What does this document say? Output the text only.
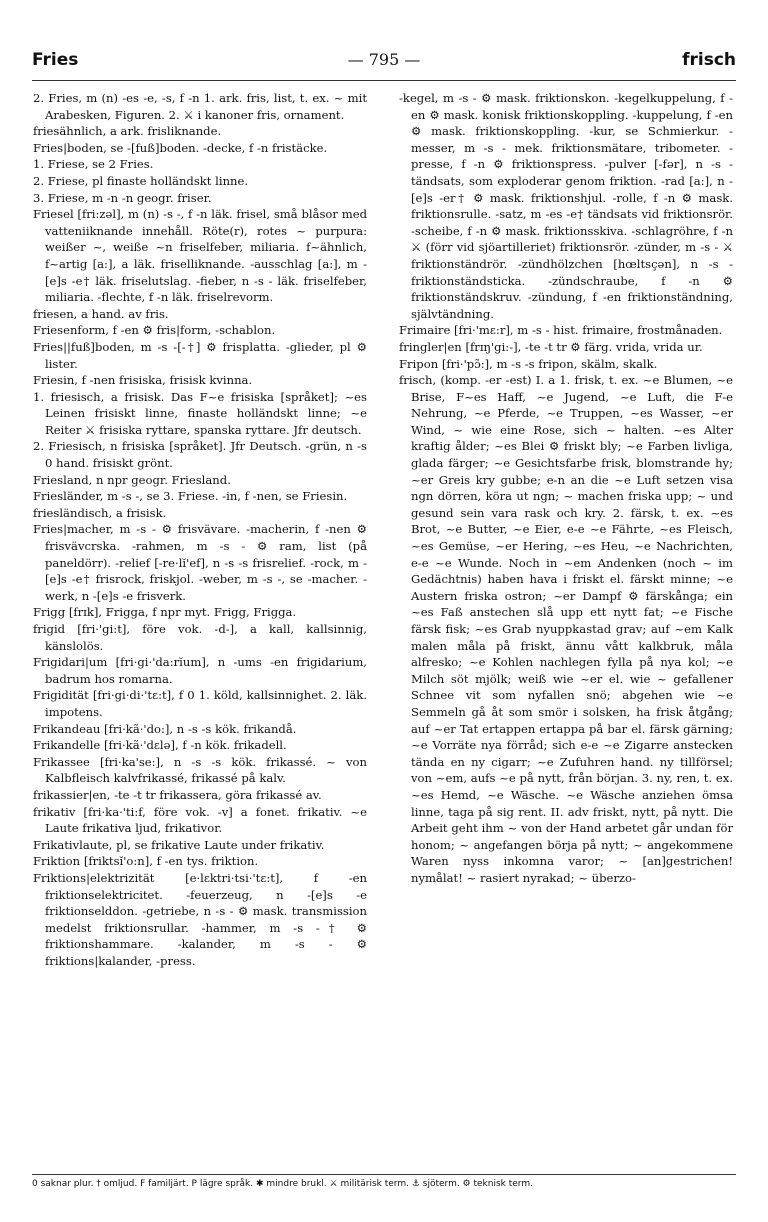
Fries	— 795 —	frisch

2. Fries, m (n) -es -e, -s, f -n 1. ark. fris, list, t. ex. ~ mit Arabesken, Figuren. 2. ⚔ i kanoner fris, ornament.

friesähnlich, a ark. frisliknande.

Fries|boden, se -[fuß]boden. -decke, f -n fristäcke.

1. Friese, se 2 Fries.

2. Friese, pl finaste holländskt linne.

3. Friese, m -n -n geogr. friser.

Friesel [fri:zəl], m (n) -s -, f -n läk. frisel, små blåsor med vatteniiknande innehåll. Röte(r), rotes ~ purpura: weißer ~, weiße ~n friselfeber, miliaria. f~ähnlich, f~artig [a:], a läk. friselliknande. -ausschlag [a:], m -[e]s -e† läk. friselutslag. -fieber, n -s - läk. friselfeber, miliaria. -flechte, f -n läk. friselrevorm.

friesen, a hand. av fris.

Friesenform, f -en ⚙ fris|form, -schablon.

Fries||fuß]boden, m -s -[-†] ⚙ frisplatta. -glieder, pl ⚙ lister.

Friesin, f -nen frisiska, frisisk kvinna.

1. friesisch, a frisisk. Das F~e frisiska [språket]; ~es Leinen frisiskt linne, finaste holländskt linne; ~e Reiter ⚔ frisiska ryttare, spanska ryttare. Jfr deutsch.

2. Friesisch, n frisiska [språket]. Jfr Deutsch. -grün, n -s 0 hand. frisiskt grönt.

Friesland, n npr geogr. Friesland.

Friesländer, m -s -, se 3. Friese. -in, f -nen, se Friesin.

friesländisch, a frisisk.

Fries|macher, m -s - ⚙ frisvävare. -macherin, f -nen ⚙ frisvävcrska. -rahmen, m -s - ⚙ ram, list (på paneldörr). -relief [-re·lĭ'ef], n -s -s frisrelief. -rock, m -[e]s -e† frisrock, friskjol. -weber, m -s -, se -macher. -werk, n -[e]s -e frisverk.

Frigg [frɪk], Frigga, f npr myt. Frigg, Frigga.

frigid [fri·'gi:t], före vok. -d-], a kall, kallsinnig, känslolös.

Frigidari|um [fri·gi·'da:rĭum], n -ums -en frigidarium, badrum hos romarna.

Frigidität [fri·gi·di·'tε:t], f 0 1. köld, kallsinnighet. 2. läk. impotens.

Frikandeau [fri·kã·'do:], n -s -s kök. frikandå.

Frikandelle [fri·kã·'dεlə], f -n kök. frikadell.

Frikassee [fri·ka'se:], n -s -s kök. frikassé. ~ von Kalbfleisch kalvfrikassé, frikassé på kalv.

frikassier|en, -te -t tr frikassera, göra frikassé av.

frikativ [fri·ka·'ti:f, före vok. -v] a fonet. frikativ. ~e Laute frikativa ljud, frikativor.

Frikativlaute, pl, se frikative Laute under frikativ.

Friktion [friktsĭ'o:n], f -en tys. friktion.

Friktions|elektrizität [e·lεktri·tsi·'tε:t], f -en friktionselektricitet. -feuerzeug, n -[e]s -e friktionselddon. -getriebe, n -s - ⚙ mask. transmission medelst friktionsrullar. -hammer, m -s -† ⚙ friktionshammare. -kalander, m -s - ⚙ friktions|kalander, -press.

-kegel, m -s - ⚙ mask. friktionskon. -kegelkuppelung, f -en ⚙ mask. konisk friktionskoppling. -kuppelung, f -en ⚙ mask. friktionskoppling. -kur, se Schmierkur. -messer, m -s - mek. friktionsmätare, tribometer. -presse, f -n ⚙ friktionspress. -pulver [-fər], n -s - tändsats, som exploderar genom friktion. -rad [a:], n -[e]s -er† ⚙ mask. friktionshjul. -rolle, f -n ⚙ mask. friktionsrulle. -satz, m -es -e† tändsats vid friktionsrör. -scheibe, f -n ⚙ mask. friktionsskiva. -schlagröhre, f -n ⚔ (förr vid sjöartilleriet) friktionsrör. -zünder, m -s - ⚔ friktionständrör. -zündhölzchen [hœltsçən], n -s - friktionständsticka. -zündschraube, f -n ⚙ friktionständskruv. -zündung, f -en friktionständning, självtändning.

Frimaire [fri·'mε:r], m -s - hist. frimaire, frostmånaden.

fringler|en [frɪŋ'gi:-], -te -t tr ⚙ färg. vrida, vrida ur.

Fripon [fri·'pɔ̃:], m -s -s fripon, skälm, skalk.

frisch, (komp. -er -est) I. a 1. frisk, t. ex. ~e Blumen, ~e Brise, F~es Haff, ~e Jugend, ~e Luft, die F-e Nehrung, ~e Pferde, ~e Truppen, ~es Wasser, ~er Wind, ~ wie eine Rose, sich ~ halten. ~es Alter kraftig ålder; ~es Blei ⚙ friskt bly; ~e Farben livliga, glada färger; ~e Gesichtsfarbe frisk, blomstrande hy; ~er Greis kry gubbe; e-n an die ~e Luft setzen visa ngn dörren, köra ut ngn; ~ machen friska upp; ~ und gesund sein vara rask och kry. 2. färsk, t. ex. ~es Brot, ~e Butter, ~e Eier, e-e ~e Fährte, ~es Fleisch, ~es Gemüse, ~er Hering, ~es Heu, ~e Nachrichten, e-e ~e Wunde. Noch in ~em Andenken (noch ~ im Gedächtnis) haben hava i friskt el. färskt minne; ~e Austern friska ostron; ~er Dampf ⚙ färskånga; ein ~es Faß anstechen slå upp ett nytt fat; ~e Fische färsk fisk; ~es Grab nyuppkastad grav; auf ~em Kalk malen måla på friskt, ännu vått kalkbruk, måla alfresko; ~e Kohlen nachlegen fylla på nya kol; ~e Milch söt mjölk; weiß wie ~er el. wie ~ gefallener Schnee vit som nyfallen snö; abgehen wie ~e Semmeln gå åt som smör i solsken, ha frisk åtgång; auf ~er Tat ertappen ertappa på bar el. färsk gärning; ~e Vorräte nya förråd; sich e-e ~e Zigarre anstecken tända en ny cigarr; ~e Zufuhren hand. ny tillförsel; von ~em, aufs ~e på nytt, från början. 3. ny, ren, t. ex. ~es Hemd, ~e Wäsche. ~e Wäsche anziehen ömsa linne, taga på sig rent. II. adv friskt, nytt, på nytt. Die Arbeit geht ihm ~ von der Hand arbetet går undan för honom; ~ angefangen börja på nytt; ~ angekommene Waren nyss inkomna varor; ~ [an]gestrichen! nymålat! ~ rasiert nyrakad; ~ überzo-

0 saknar plur. † omljud. F familjärt. P lägre språk. ✱ mindre brukl. ⚔ militärisk term. ⚓ sjöterm. ⚙ teknisk term.
